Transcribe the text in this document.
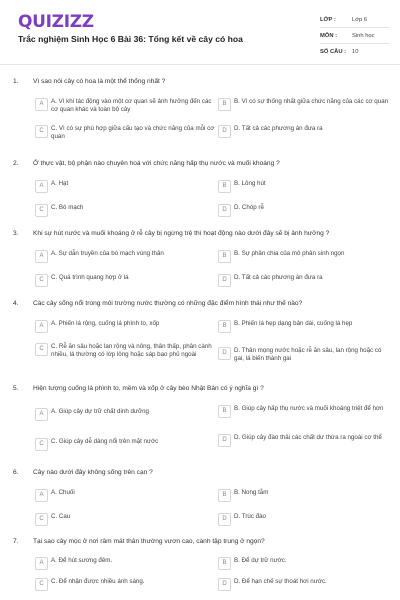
QUIZIZZ
Trắc nghiệm Sinh Học 6 Bài 36: Tổng kết về cây có hoa
LỚP :	Lớp 6
MÔN :	Sinh học
SỐ CÂU :	10
1. Vì sao nói cây có hoa là một thể thống nhất ?
A	A. Vì khi tác động vào một cơ quan sẽ ảnh hưởng đến các cơ quan khác và toàn bộ cây
B	B. Vì có sự thống nhất giữa chức năng của các cơ quan
C	C. Vì có sự phù hợp giữa cấu tạo và chức năng của mỗi cơ quan
D	D. Tất cả các phương án đưa ra
2. Ở thực vật, bộ phận nào chuyên hoá với chức năng hấp thụ nước và muối khoáng ?
A	A. Hạt	B	B. Lông hút
C	C. Bó mạch	D	D. Chóp rễ
3. Khi sự hút nước và muối khoáng ở rễ cây bị ngừng trệ thì hoạt động nào dưới đây sẽ bị ảnh hưởng ?
A	A. Sự dẫn truyền của bó mạch vùng thân	B	B. Sự phân chia của mô phân sinh ngọn
C	C. Quá trình quang hợp ở lá	D	D. Tất cả các phương án đưa ra
4. Các cây sống nổi trong môi trường nước thường có những đặc điểm hình thái như thế nào?
A	A. Phiến lá rộng, cuống lá phình to, xốp	B	B. Phiến lá hẹp dạng bản dài, cuống lá hẹp
C	C. Rễ ăn sâu hoặc lan rộng và nông, thân thấp, phân cành nhiều, lá thường có lớp lông hoặc sáp bao phủ ngoài	D	D. Thân mọng nước hoặc rễ ăn sâu, lan rộng hoặc có gai, lá biến thành gai
5. Hiện tượng cuống lá phình to, mềm và xốp ở cây bèo Nhật Bản có ý nghĩa gì ?
A	A. Giúp cây dự trữ chất dinh dưỡng	B	B. Giúp cây hấp thụ nước và muối khoáng triệt để hơn
C	C. Giúp cây dễ dàng nổi trên mặt nước	D	D. Giúp cây đào thải các chất dư thừa ra ngoài cơ thể
6. Cây nào dưới đây không sống trên cạn ?
A	A. Chuối	B	B. Nong tằm
C	C. Cau	D	D. Trúc đào
7. Tại sao cây mọc ở nơi râm mát thân thường vươn cao, cành tập trung ở ngọn?
A	A. Để hút sương đêm.	B	B. Để dự trữ nước.
C	C. Để nhận được nhiều ánh sáng.	D	D. Để hạn chế sự thoát hơi nước.
